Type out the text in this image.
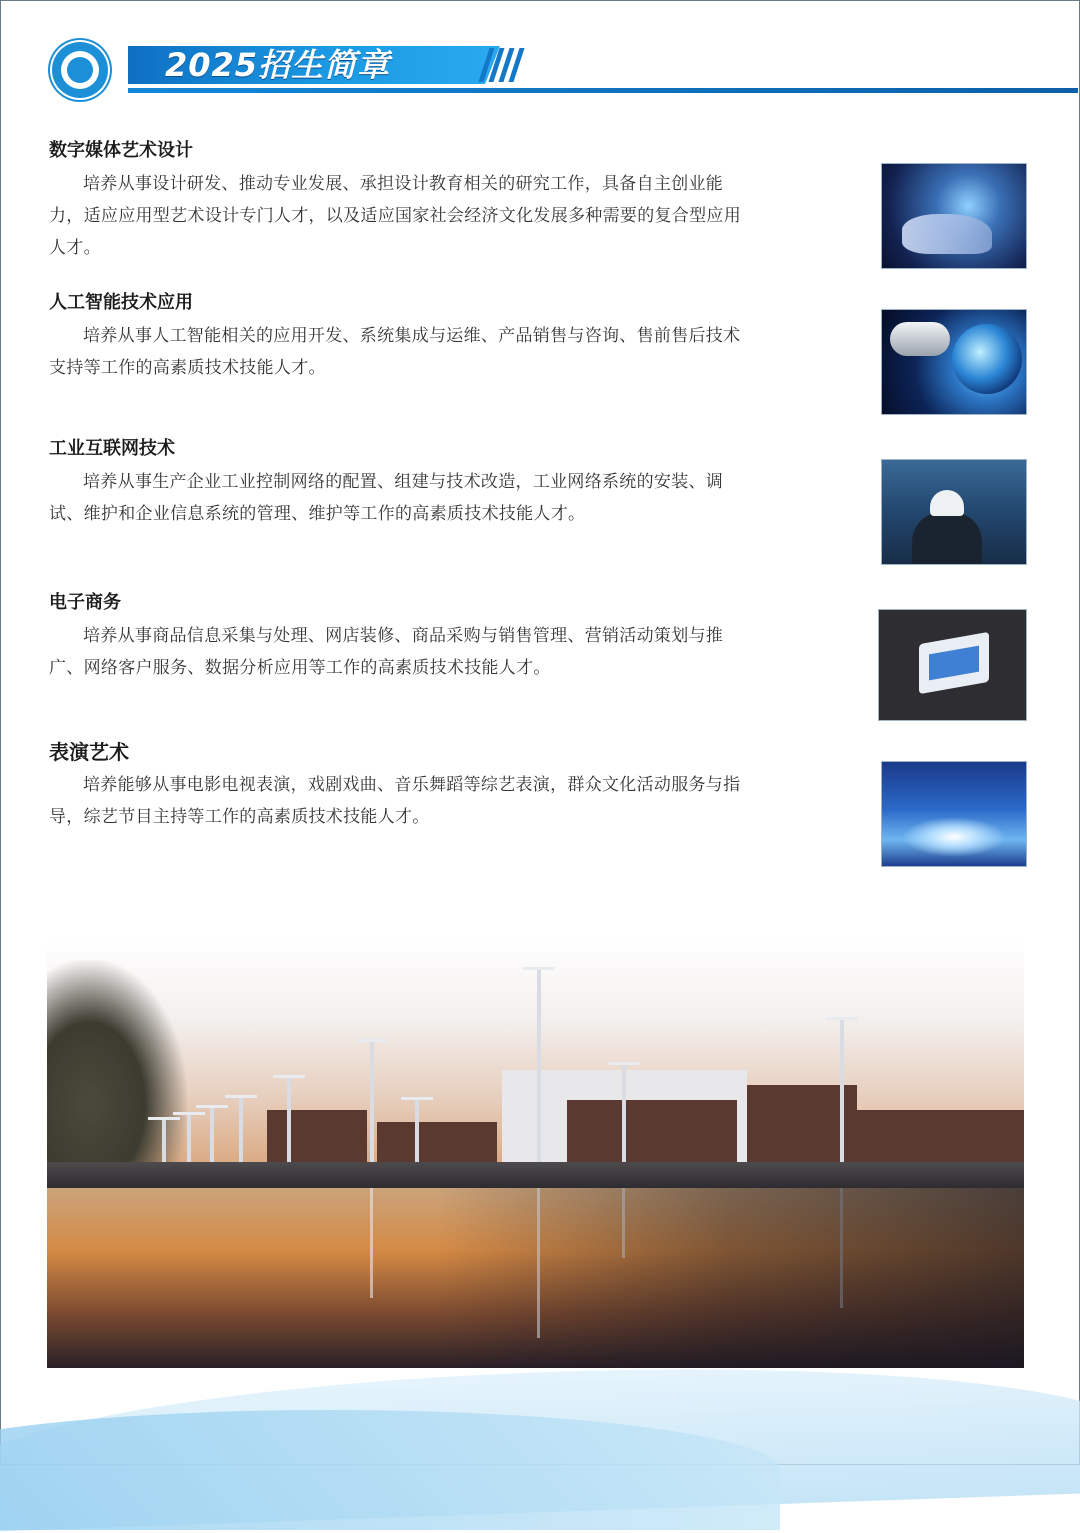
2025招生简章
数字媒体艺术设计

培养从事设计研发、推动专业发展、承担设计教育相关的研究工作，具备自主创业能力，适应应用型艺术设计专门人才，以及适应国家社会经济文化发展多种需要的复合型应用人才。

人工智能技术应用

培养从事人工智能相关的应用开发、系统集成与运维、产品销售与咨询、售前售后技术支持等工作的高素质技术技能人才。

工业互联网技术

培养从事生产企业工业控制网络的配置、组建与技术改造，工业网络系统的安装、调试、维护和企业信息系统的管理、维护等工作的高素质技术技能人才。

电子商务

培养从事商品信息采集与处理、网店装修、商品采购与销售管理、营销活动策划与推广、网络客户服务、数据分析应用等工作的高素质技术技能人才。

表演艺术

培养能够从事电影电视表演，戏剧戏曲、音乐舞蹈等综艺表演，群众文化活动服务与指导，综艺节目主持等工作的高素质技术技能人才。
